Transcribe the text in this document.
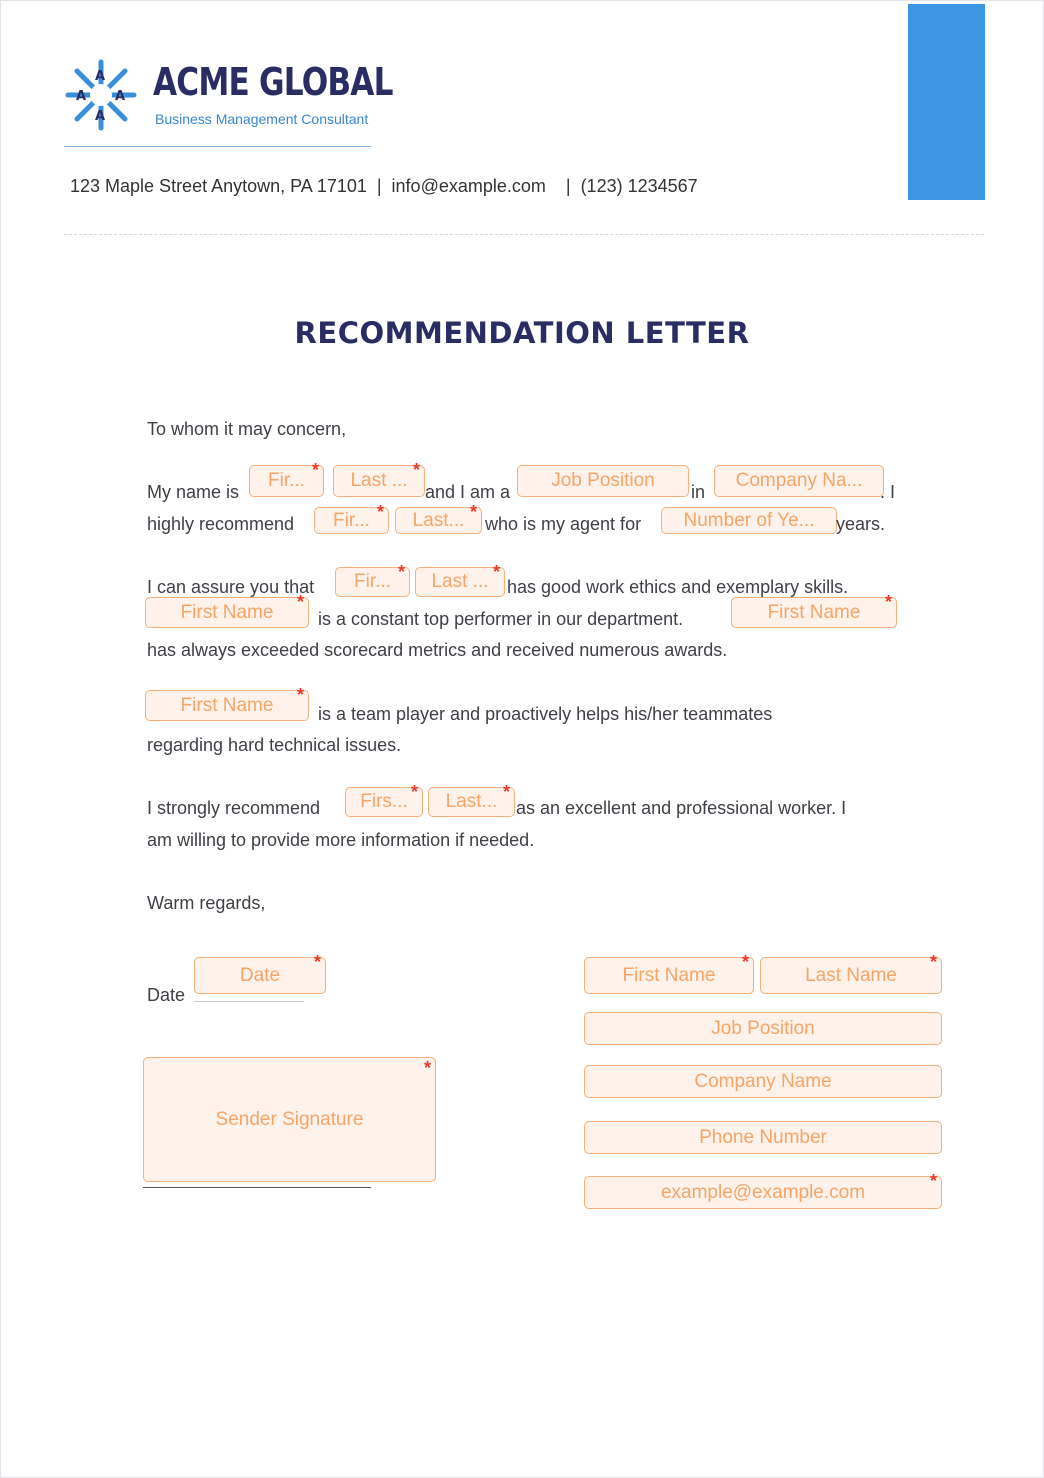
A
A
A A ACME GLOBAL
Business Management Consultant
123 Maple Street Anytown, PA 17101  |  info@example.com    |  (123) 1234567
RECOMMENDATION LETTER
To whom it may concern,
My name is
Fir... * Last ... *
and I am a
Job Position
in
Company Na...
. I
highly recommend Fir... * Last... *
who is my agent for Number of Ye... years.
I can assure you that Fir... * Last ... *
has good work ethics and exemplary skills.
First Name *
is a constant top performer in our department.	First Name *
has always exceeded scorecard metrics and received numerous awards.
First Name *
is a team player and proactively helps his/her teammates
regarding hard technical issues.
I strongly recommend Firs... * Last... *
as an excellent and professional worker. I
am willing to provide more information if needed.
Warm regards,
Date
Date
*
Sender Signature
*
First Name
*
Last Name
*
Job Position
Company Name
Phone Number
example@example.com
*
